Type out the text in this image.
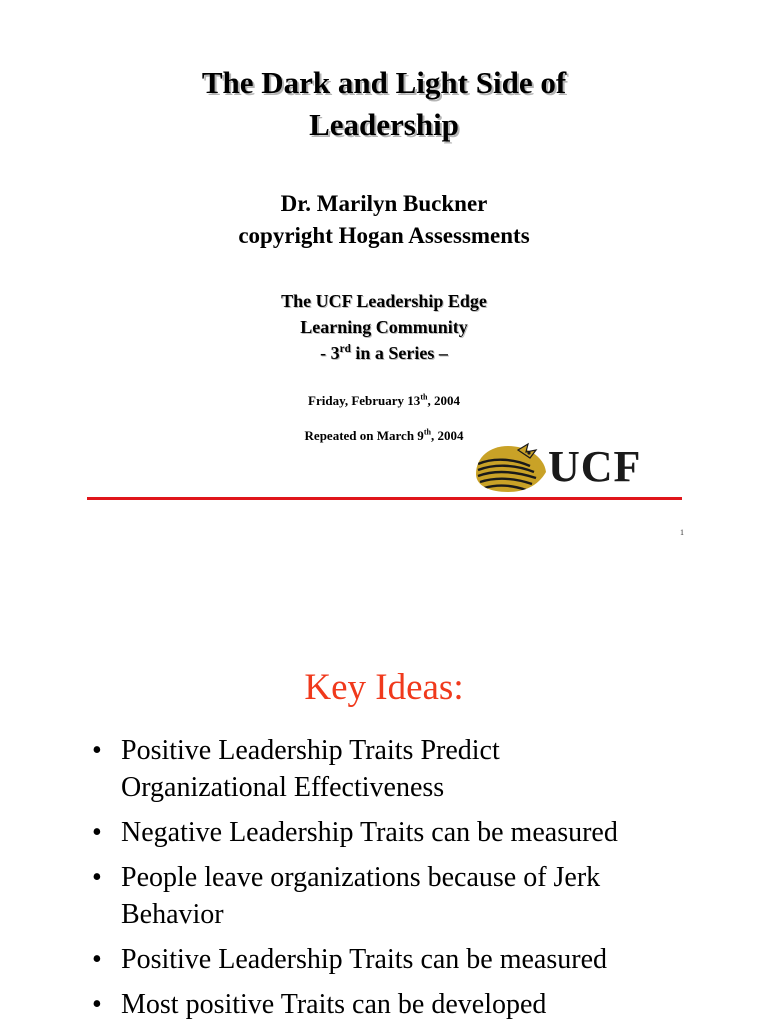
The Dark and Light Side of
Leadership
Dr. Marilyn Buckner
copyright Hogan Assessments
The UCF Leadership Edge
Learning Community
- 3rd in a Series –
Friday, February 13th, 2004
Repeated on March 9th, 2004
UCF
1
Key Ideas:
• Positive Leadership Traits Predict
Organizational Effectiveness
• Negative Leadership Traits can be measured
• People leave organizations because of Jerk
Behavior
• Positive Leadership Traits can be measured
• Most positive Traits can be developed
